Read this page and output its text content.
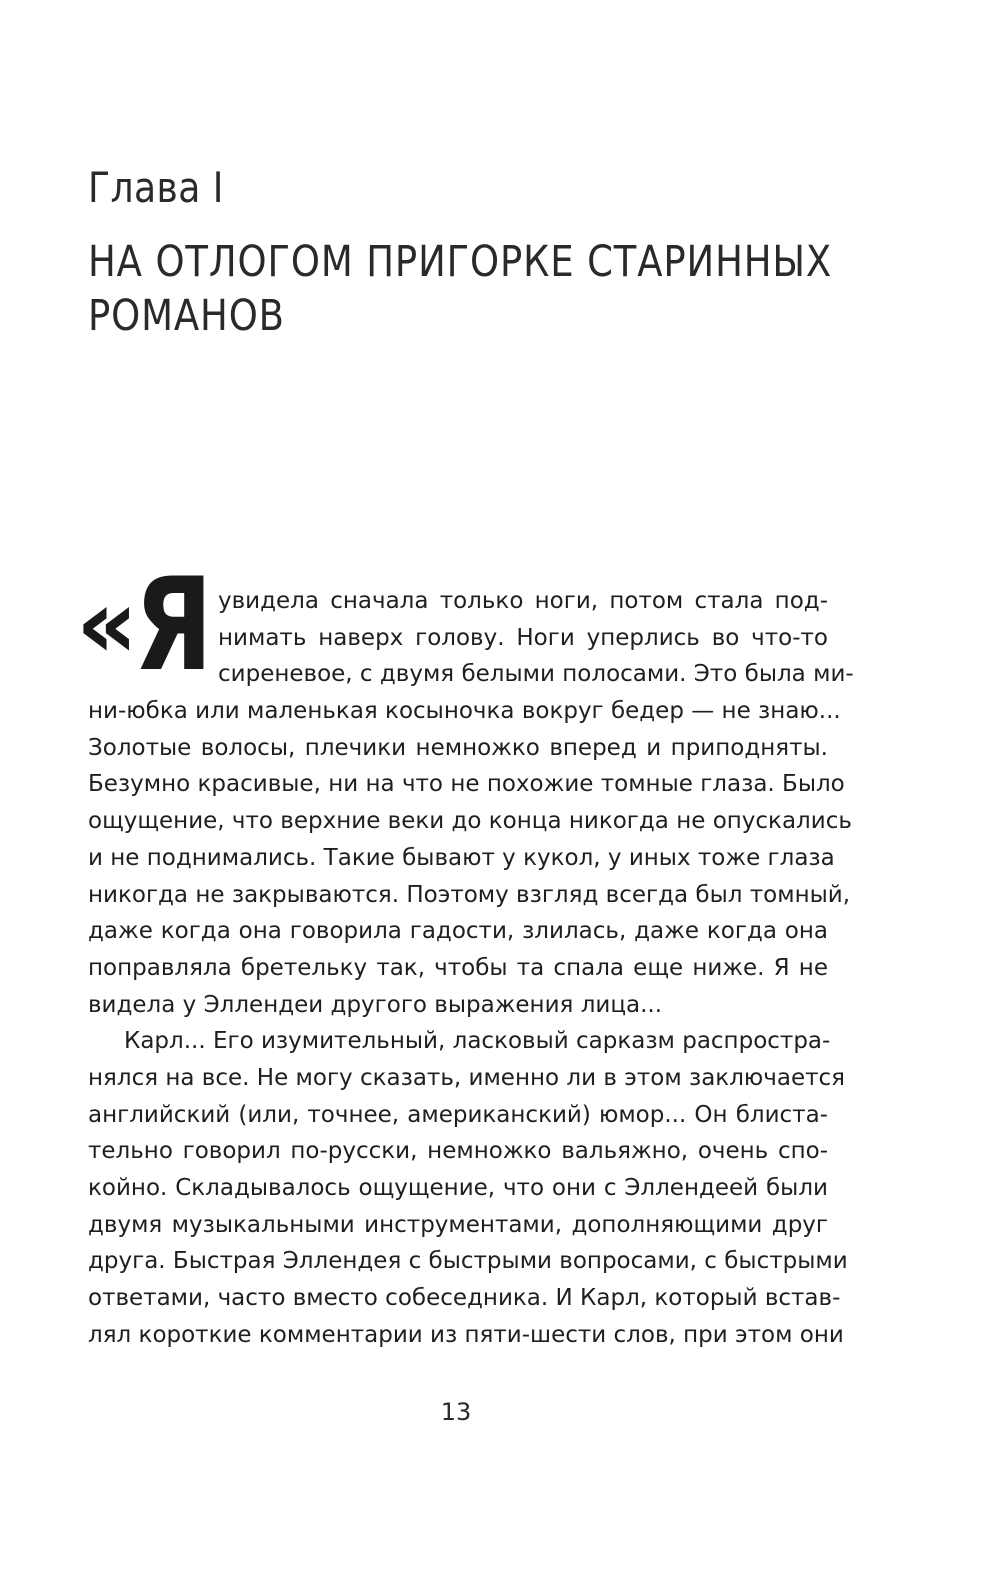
Глава I
НА ОТЛОГОМ ПРИГОРКЕ СТАРИННЫХ
РОМАНОВ
«
Я увидела сначала только ноги, потом стала под-
нимать наверх голову. Ноги уперлись во что-то
сиреневое, с двумя белыми полосами. Это была ми-
ни-юбка или маленькая косыночка вокруг бедер — не знаю...
Золотые волосы, плечики немножко вперед и приподняты.
Безумно красивые, ни на что не похожие томные глаза. Было
ощущение, что верхние веки до конца никогда не опускались
и не поднимались. Такие бывают у кукол, у иных тоже глаза
никогда не закрываются. Поэтому взгляд всегда был томный,
даже когда она говорила гадости, злилась, даже когда она
поправляла бретельку так, чтобы та спала еще ниже. Я не
видела у Эллендеи другого выражения лица...
Карл... Его изумительный, ласковый сарказм распростра-
нялся на все. Не могу сказать, именно ли в этом заключается
английский (или, точнее, американский) юмор... Он блиста-
тельно говорил по-русски, немножко вальяжно, очень спо-
койно. Складывалось ощущение, что они с Эллендеей были
двумя музыкальными инструментами, дополняющими друг
друга. Быстрая Эллендея с быстрыми вопросами, с быстрыми
ответами, часто вместо собеседника. И Карл, который встав-
лял короткие комментарии из пяти-шести слов, при этом они
13
